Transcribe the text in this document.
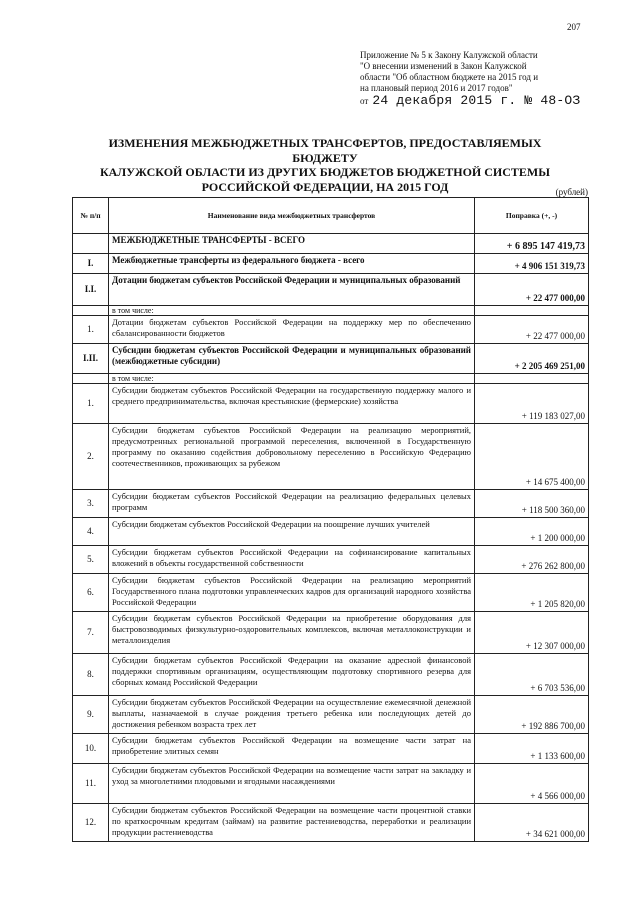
207
Приложение № 5 к Закону Калужской области
"О внесении изменений в Закон Калужской
области "Об областном бюджете на 2015 год и
на плановый период 2016 и 2017 годов"
от 24 декабря 2015 г. № 48-ОЗ
ИЗМЕНЕНИЯ МЕЖБЮДЖЕТНЫХ ТРАНСФЕРТОВ, ПРЕДОСТАВЛЯЕМЫХ БЮДЖЕТУ
КАЛУЖСКОЙ ОБЛАСТИ ИЗ ДРУГИХ БЮДЖЕТОВ БЮДЖЕТНОЙ СИСТЕМЫ
РОССИЙСКОЙ ФЕДЕРАЦИИ, НА 2015 ГОД	(рублей)
№ п/п	Наименование вида межбюджетных трансфертов	Поправка (+, -)
	МЕЖБЮДЖЕТНЫЕ ТРАНСФЕРТЫ - ВСЕГО	+ 6 895 147 419,73
I.	Межбюджетные трансферты из федерального бюджета - всего	+ 4 906 151 319,73
I.I.	Дотации бюджетам субъектов Российской Федерации и муниципальных образований	+ 22 477 000,00
	в том числе:	
1.	Дотации бюджетам субъектов Российской Федерации на поддержку мер по обеспечению сбалансированности бюджетов	+ 22 477 000,00
I.II.	Субсидии бюджетам субъектов Российской Федерации и муниципальных образований (межбюджетные субсидии)	+ 2 205 469 251,00
	в том числе:	
1.	Субсидии бюджетам субъектов Российской Федерации на государственную поддержку малого и среднего предпринимательства, включая крестьянские (фермерские) хозяйства	+ 119 183 027,00
2.	Субсидии бюджетам субъектов Российской Федерации на реализацию мероприятий, предусмотренных региональной программой переселения, включенной в Государственную программу по оказанию содействия добровольному переселению в Российскую Федерацию соотечественников, проживающих за рубежом	+ 14 675 400,00
3.	Субсидии бюджетам субъектов Российской Федерации на реализацию федеральных целевых программ	+ 118 500 360,00
4.	Субсидии бюджетам субъектов Российской Федерации на поощрение лучших учителей	+ 1 200 000,00
5.	Субсидии бюджетам субъектов Российской Федерации на софинансирование капитальных вложений в объекты государственной собственности	+ 276 262 800,00
6.	Субсидии бюджетам субъектов Российской Федерации на реализацию мероприятий Государственного плана подготовки управленческих кадров для организаций народного хозяйства Российской Федерации	+ 1 205 820,00
7.	Субсидии бюджетам субъектов Российской Федерации на приобретение оборудования для быстровозводимых физкультурно-оздоровительных комплексов, включая металлоконструкции и металлоизделия	+ 12 307 000,00
8.	Субсидии бюджетам субъектов Российской Федерации на оказание адресной финансовой поддержки спортивным организациям, осуществляющим подготовку спортивного резерва для сборных команд Российской Федерации	+ 6 703 536,00
9.	Субсидии бюджетам субъектов Российской Федерации на осуществление ежемесячной денежной выплаты, назначаемой в случае рождения третьего ребенка или последующих детей до достижения ребенком возраста трех лет	+ 192 886 700,00
10.	Субсидии бюджетам субъектов Российской Федерации на возмещение части затрат на приобретение элитных семян	+ 1 133 600,00
11.	Субсидии бюджетам субъектов Российской Федерации на возмещение части затрат на закладку и уход за многолетними плодовыми и ягодными насаждениями	+ 4 566 000,00
12.	Субсидии бюджетам субъектов Российской Федерации на возмещение части процентной ставки по краткосрочным кредитам (займам) на развитие растениеводства, переработки и реализации продукции растениеводства	+ 34 621 000,00
